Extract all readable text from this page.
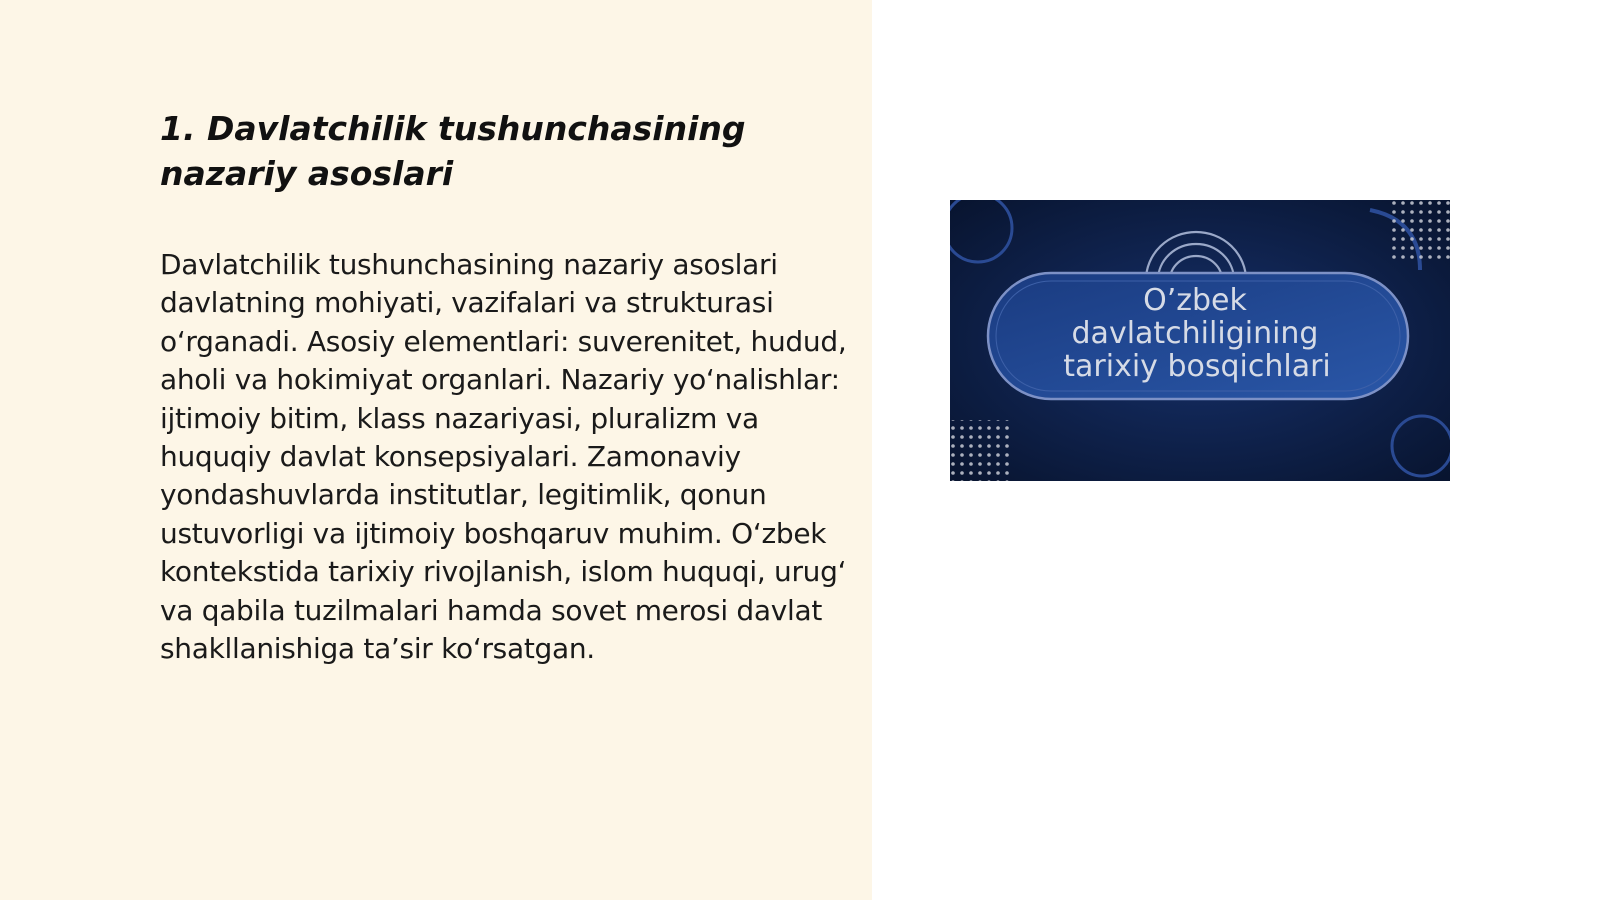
1. Davlatchilik tushunchasining nazariy asoslari

Davlatchilik tushunchasining nazariy asoslari davlatning mohiyati, vazifalari va strukturasi o‘rganadi. Asosiy elementlari: suverenitet, hudud, aholi va hokimiyat organlari. Nazariy yo‘nalishlar: ijtimoiy bitim, klass nazariyasi, pluralizm va huquqiy davlat konsepsiyalari. Zamonaviy yondashuvlarda institutlar, legitimlik, qonun ustuvorligi va ijtimoiy boshqaruv muhim. O‘zbek kontekstida tarixiy rivojlanish, islom huquqi, urug‘ va qabila tuzilmalari hamda sovet merosi davlat shakllanishiga ta’sir ko‘rsatgan.

O’zbek
davlatchiligining
tarixiy bosqichlari
